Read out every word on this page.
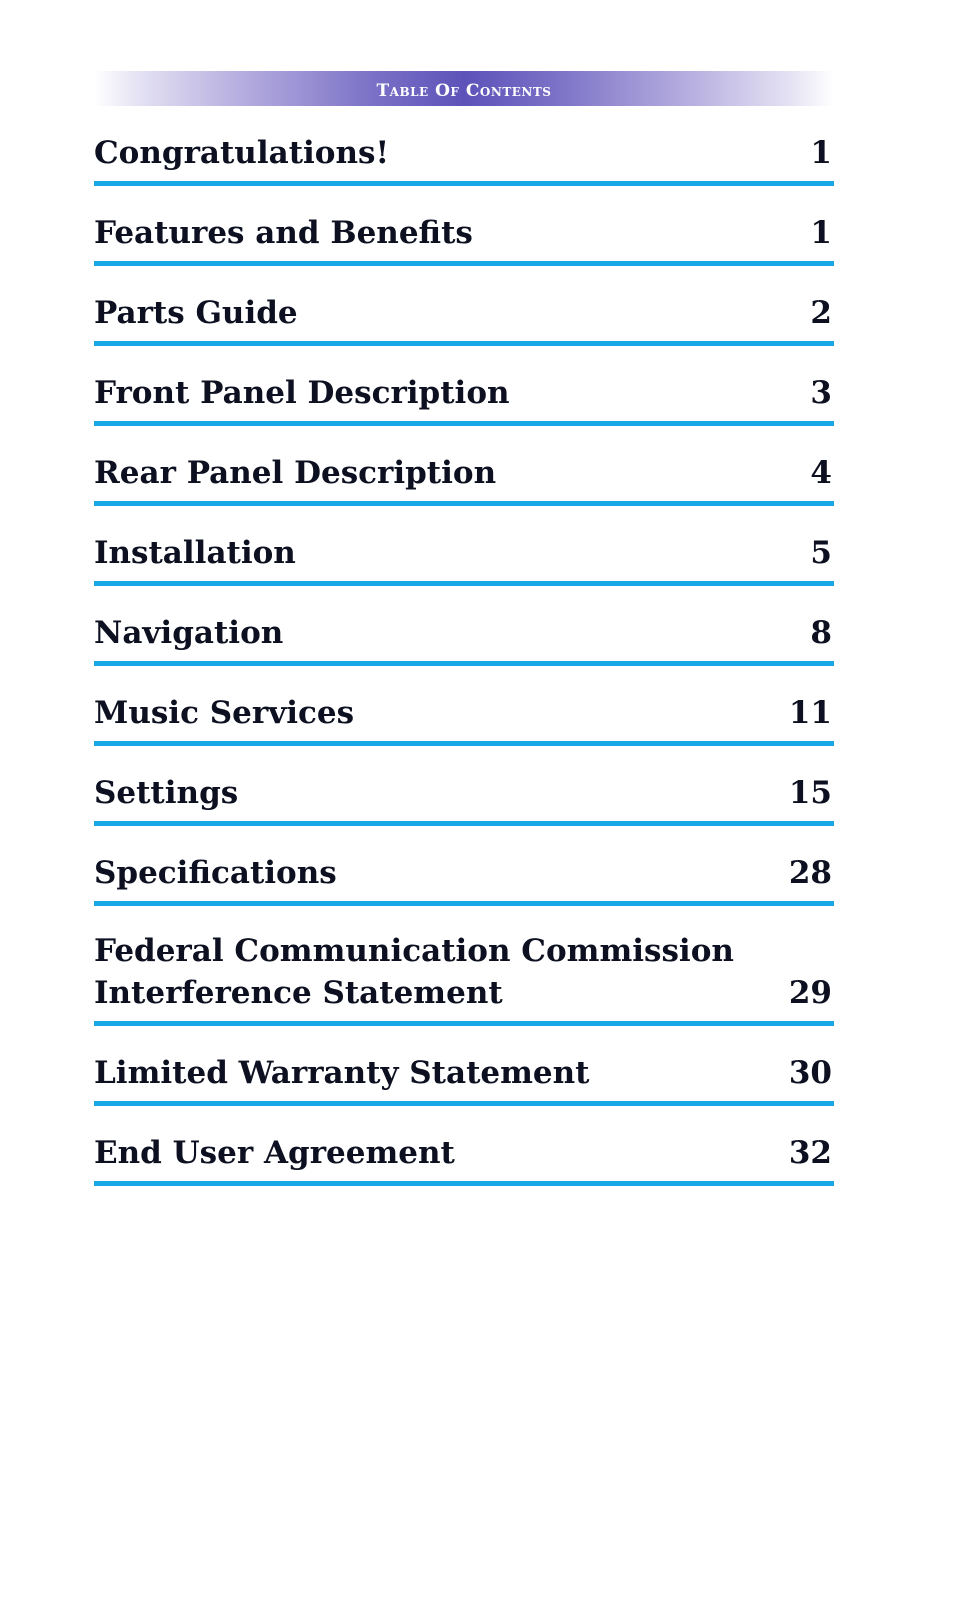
Table Of Contents
Congratulations!	1
Features and Benefits	1
Parts Guide	2
Front Panel Description	3
Rear Panel Description	4
Installation	5
Navigation	8
Music Services	11
Settings	15
Specifications	28
Federal Communication Commission
Interference Statement	29
Limited Warranty Statement	30
End User Agreement	32
